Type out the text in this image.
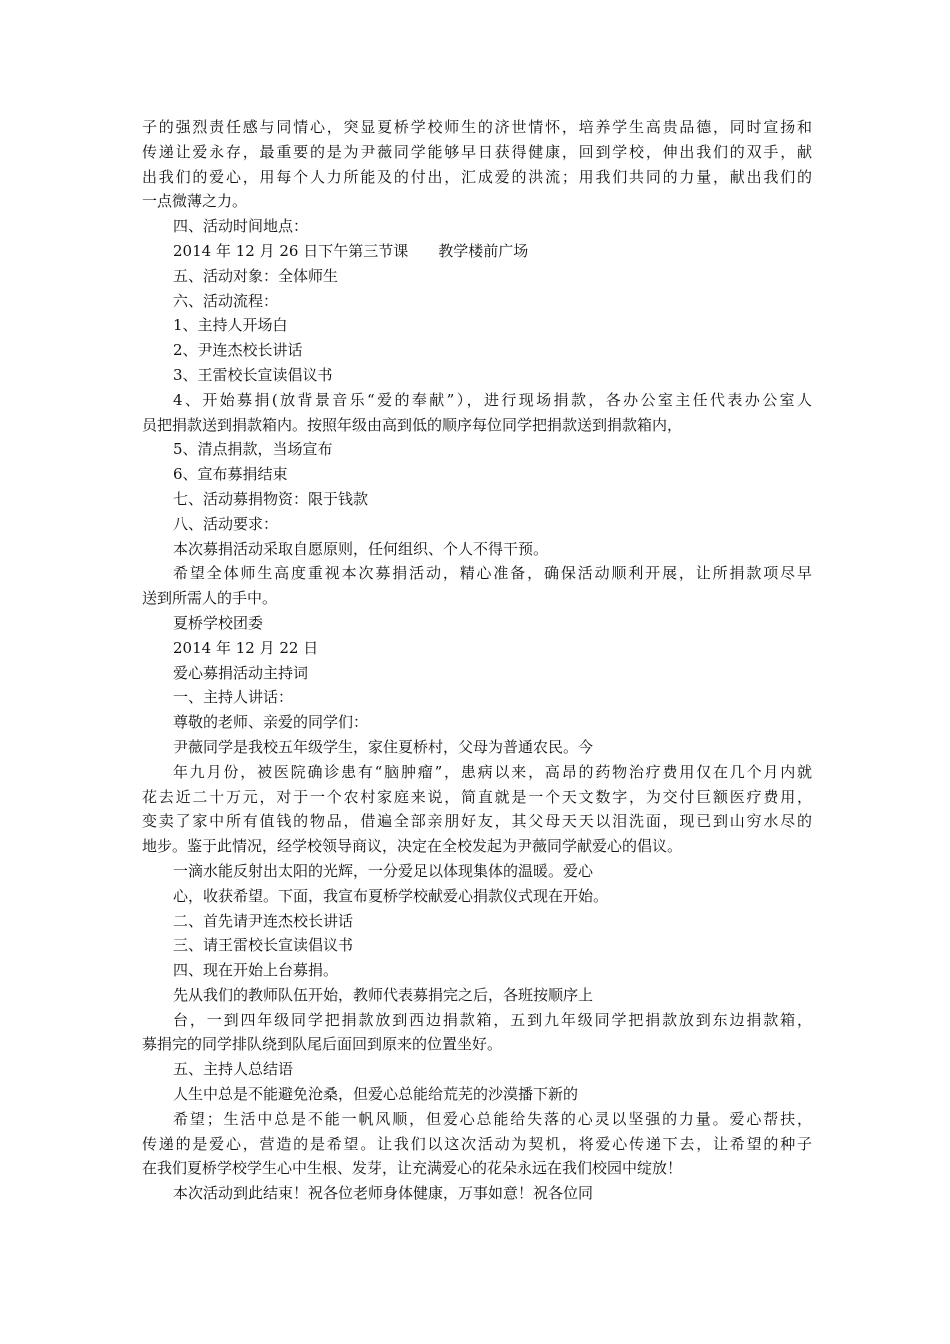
子的强烈责任感与同情心，突显夏桥学校师生的济世情怀，培养学生高贵品德，同时宣扬和
传递让爱永存，最重要的是为尹薇同学能够早日获得健康，回到学校，伸出我们的双手，献
出我们的爱心，用每个人力所能及的付出，汇成爱的洪流；用我们共同的力量，献出我们的
一点微薄之力。
四、活动时间地点：
2014 年 12 月 26 日下午第三节课　　教学楼前广场
五、活动对象：全体师生
六、活动流程：
1、主持人开场白
2、尹连杰校长讲话
3、王雷校长宣读倡议书
4、开始募捐(放背景音乐“爱的奉献”），进行现场捐款，各办公室主任代表办公室人
员把捐款送到捐款箱内。按照年级由高到低的顺序每位同学把捐款送到捐款箱内，
5、清点捐款，当场宣布
6、宣布募捐结束
七、活动募捐物资：限于钱款
八、活动要求：
本次募捐活动采取自愿原则，任何组织、个人不得干预。
希望全体师生高度重视本次募捐活动，精心准备，确保活动顺利开展，让所捐款项尽早
送到所需人的手中。
夏桥学校团委
2014 年 12 月 22 日
爱心募捐活动主持词
一、主持人讲话：
尊敬的老师、亲爱的同学们：
尹薇同学是我校五年级学生，家住夏桥村，父母为普通农民。今
年九月份，被医院确诊患有“脑肿瘤”，患病以来，高昂的药物治疗费用仅在几个月内就
花去近二十万元，对于一个农村家庭来说，简直就是一个天文数字，为交付巨额医疗费用，
变卖了家中所有值钱的物品，借遍全部亲朋好友，其父母天天以泪洗面，现已到山穷水尽的
地步。鉴于此情况，经学校领导商议，决定在全校发起为尹薇同学献爱心的倡议。
一滴水能反射出太阳的光辉，一分爱足以体现集体的温暖。爱心
心，收获希望。下面，我宣布夏桥学校献爱心捐款仪式现在开始。
二、首先请尹连杰校长讲话
三、请王雷校长宣读倡议书
四、现在开始上台募捐。
先从我们的教师队伍开始，教师代表募捐完之后，各班按顺序上
台，一到四年级同学把捐款放到西边捐款箱，五到九年级同学把捐款放到东边捐款箱，
募捐完的同学排队绕到队尾后面回到原来的位置坐好。
五、主持人总结语
人生中总是不能避免沧桑，但爱心总能给荒芜的沙漠播下新的
希望；生活中总是不能一帆风顺，但爱心总能给失落的心灵以坚强的力量。爱心帮扶，
传递的是爱心，营造的是希望。让我们以这次活动为契机，将爱心传递下去，让希望的种子
在我们夏桥学校学生心中生根、发芽，让充满爱心的花朵永远在我们校园中绽放！
本次活动到此结束！祝各位老师身体健康，万事如意！祝各位同
